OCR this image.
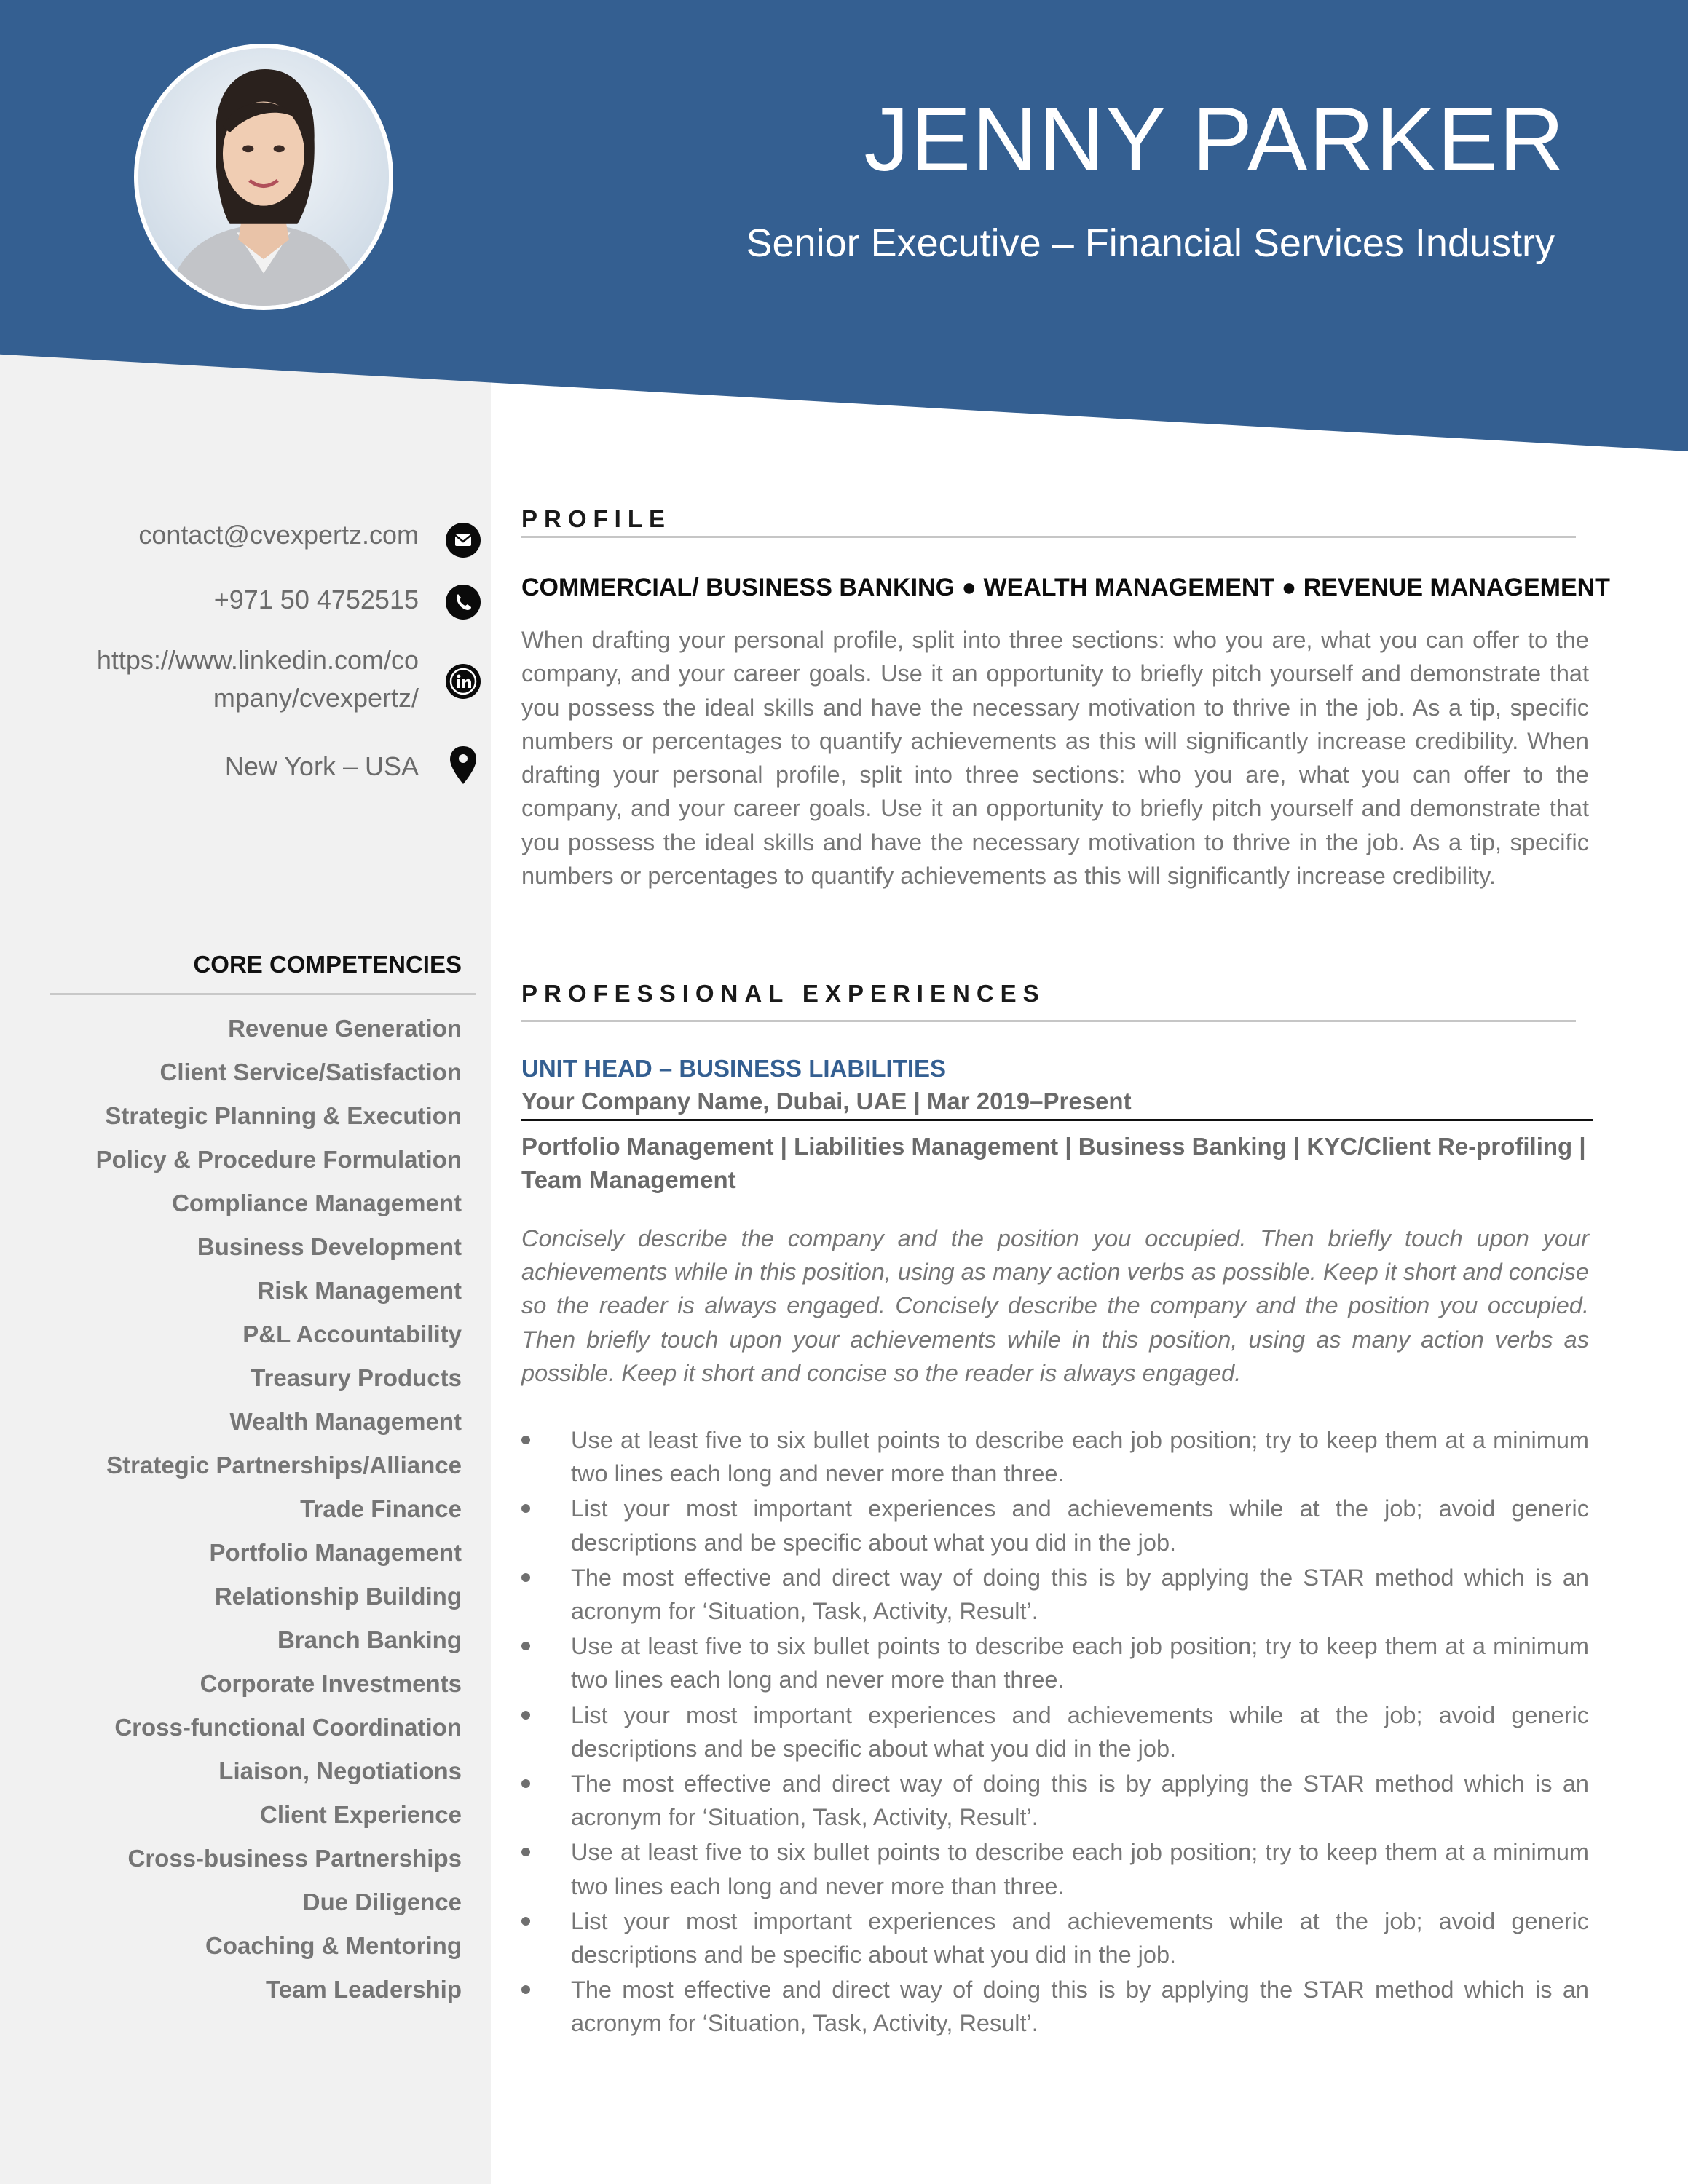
JENNY PARKER

Senior Executive – Financial Services Industry

contact@cvexpertz.com
+971 50 4752515
https://www.linkedin.com/co
mpany/cvexpertz/
New York – USA
CORE COMPETENCIES
Revenue Generation
Client Service/Satisfaction
Strategic Planning & Execution
Policy & Procedure Formulation
Compliance Management
Business Development
Risk Management
P&L Accountability
Treasury Products
Wealth Management
Strategic Partnerships/Alliance
Trade Finance
Portfolio Management
Relationship Building
Branch Banking
Corporate Investments
Cross-functional Coordination
Liaison, Negotiations
Client Experience
Cross-business Partnerships
Due Diligence
Coaching & Mentoring
Team Leadership
PROFILE

COMMERCIAL/ BUSINESS BANKING ● WEALTH MANAGEMENT ● REVENUE MANAGEMENT

When drafting your personal profile, split into three sections: who you are, what you can offer to the company, and your career goals. Use it an opportunity to briefly pitch yourself and demonstrate that you possess the ideal skills and have the necessary motivation to thrive in the job. As a tip, specific numbers or percentages to quantify achievements as this will significantly increase credibility. When drafting your personal profile, split into three sections: who you are, what you can offer to the company, and your career goals. Use it an opportunity to briefly pitch yourself and demonstrate that you possess the ideal skills and have the necessary motivation to thrive in the job. As a tip, specific numbers or percentages to quantify achievements as this will significantly increase credibility.

PROFESSIONAL EXPERIENCES

UNIT HEAD – BUSINESS LIABILITIES

Your Company Name, Dubai, UAE | Mar 2019–Present

Portfolio Management | Liabilities Management | Business Banking | KYC/Client Re-profiling | Team Management

Concisely describe the company and the position you occupied. Then briefly touch upon your achievements while in this position, using as many action verbs as possible. Keep it short and concise so the reader is always engaged. Concisely describe the company and the position you occupied. Then briefly touch upon your achievements while in this position, using as many action verbs as possible. Keep it short and concise so the reader is always engaged.

Use at least five to six bullet points to describe each job position; try to keep them at a minimum two lines each long and never more than three.
List your most important experiences and achievements while at the job; avoid generic descriptions and be specific about what you did in the job.
The most effective and direct way of doing this is by applying the STAR method which is an acronym for ‘Situation, Task, Activity, Result’.
Use at least five to six bullet points to describe each job position; try to keep them at a minimum two lines each long and never more than three.
List your most important experiences and achievements while at the job; avoid generic descriptions and be specific about what you did in the job.
The most effective and direct way of doing this is by applying the STAR method which is an acronym for ‘Situation, Task, Activity, Result’.
Use at least five to six bullet points to describe each job position; try to keep them at a minimum two lines each long and never more than three.
List your most important experiences and achievements while at the job; avoid generic descriptions and be specific about what you did in the job.
The most effective and direct way of doing this is by applying the STAR method which is an acronym for ‘Situation, Task, Activity, Result’.
